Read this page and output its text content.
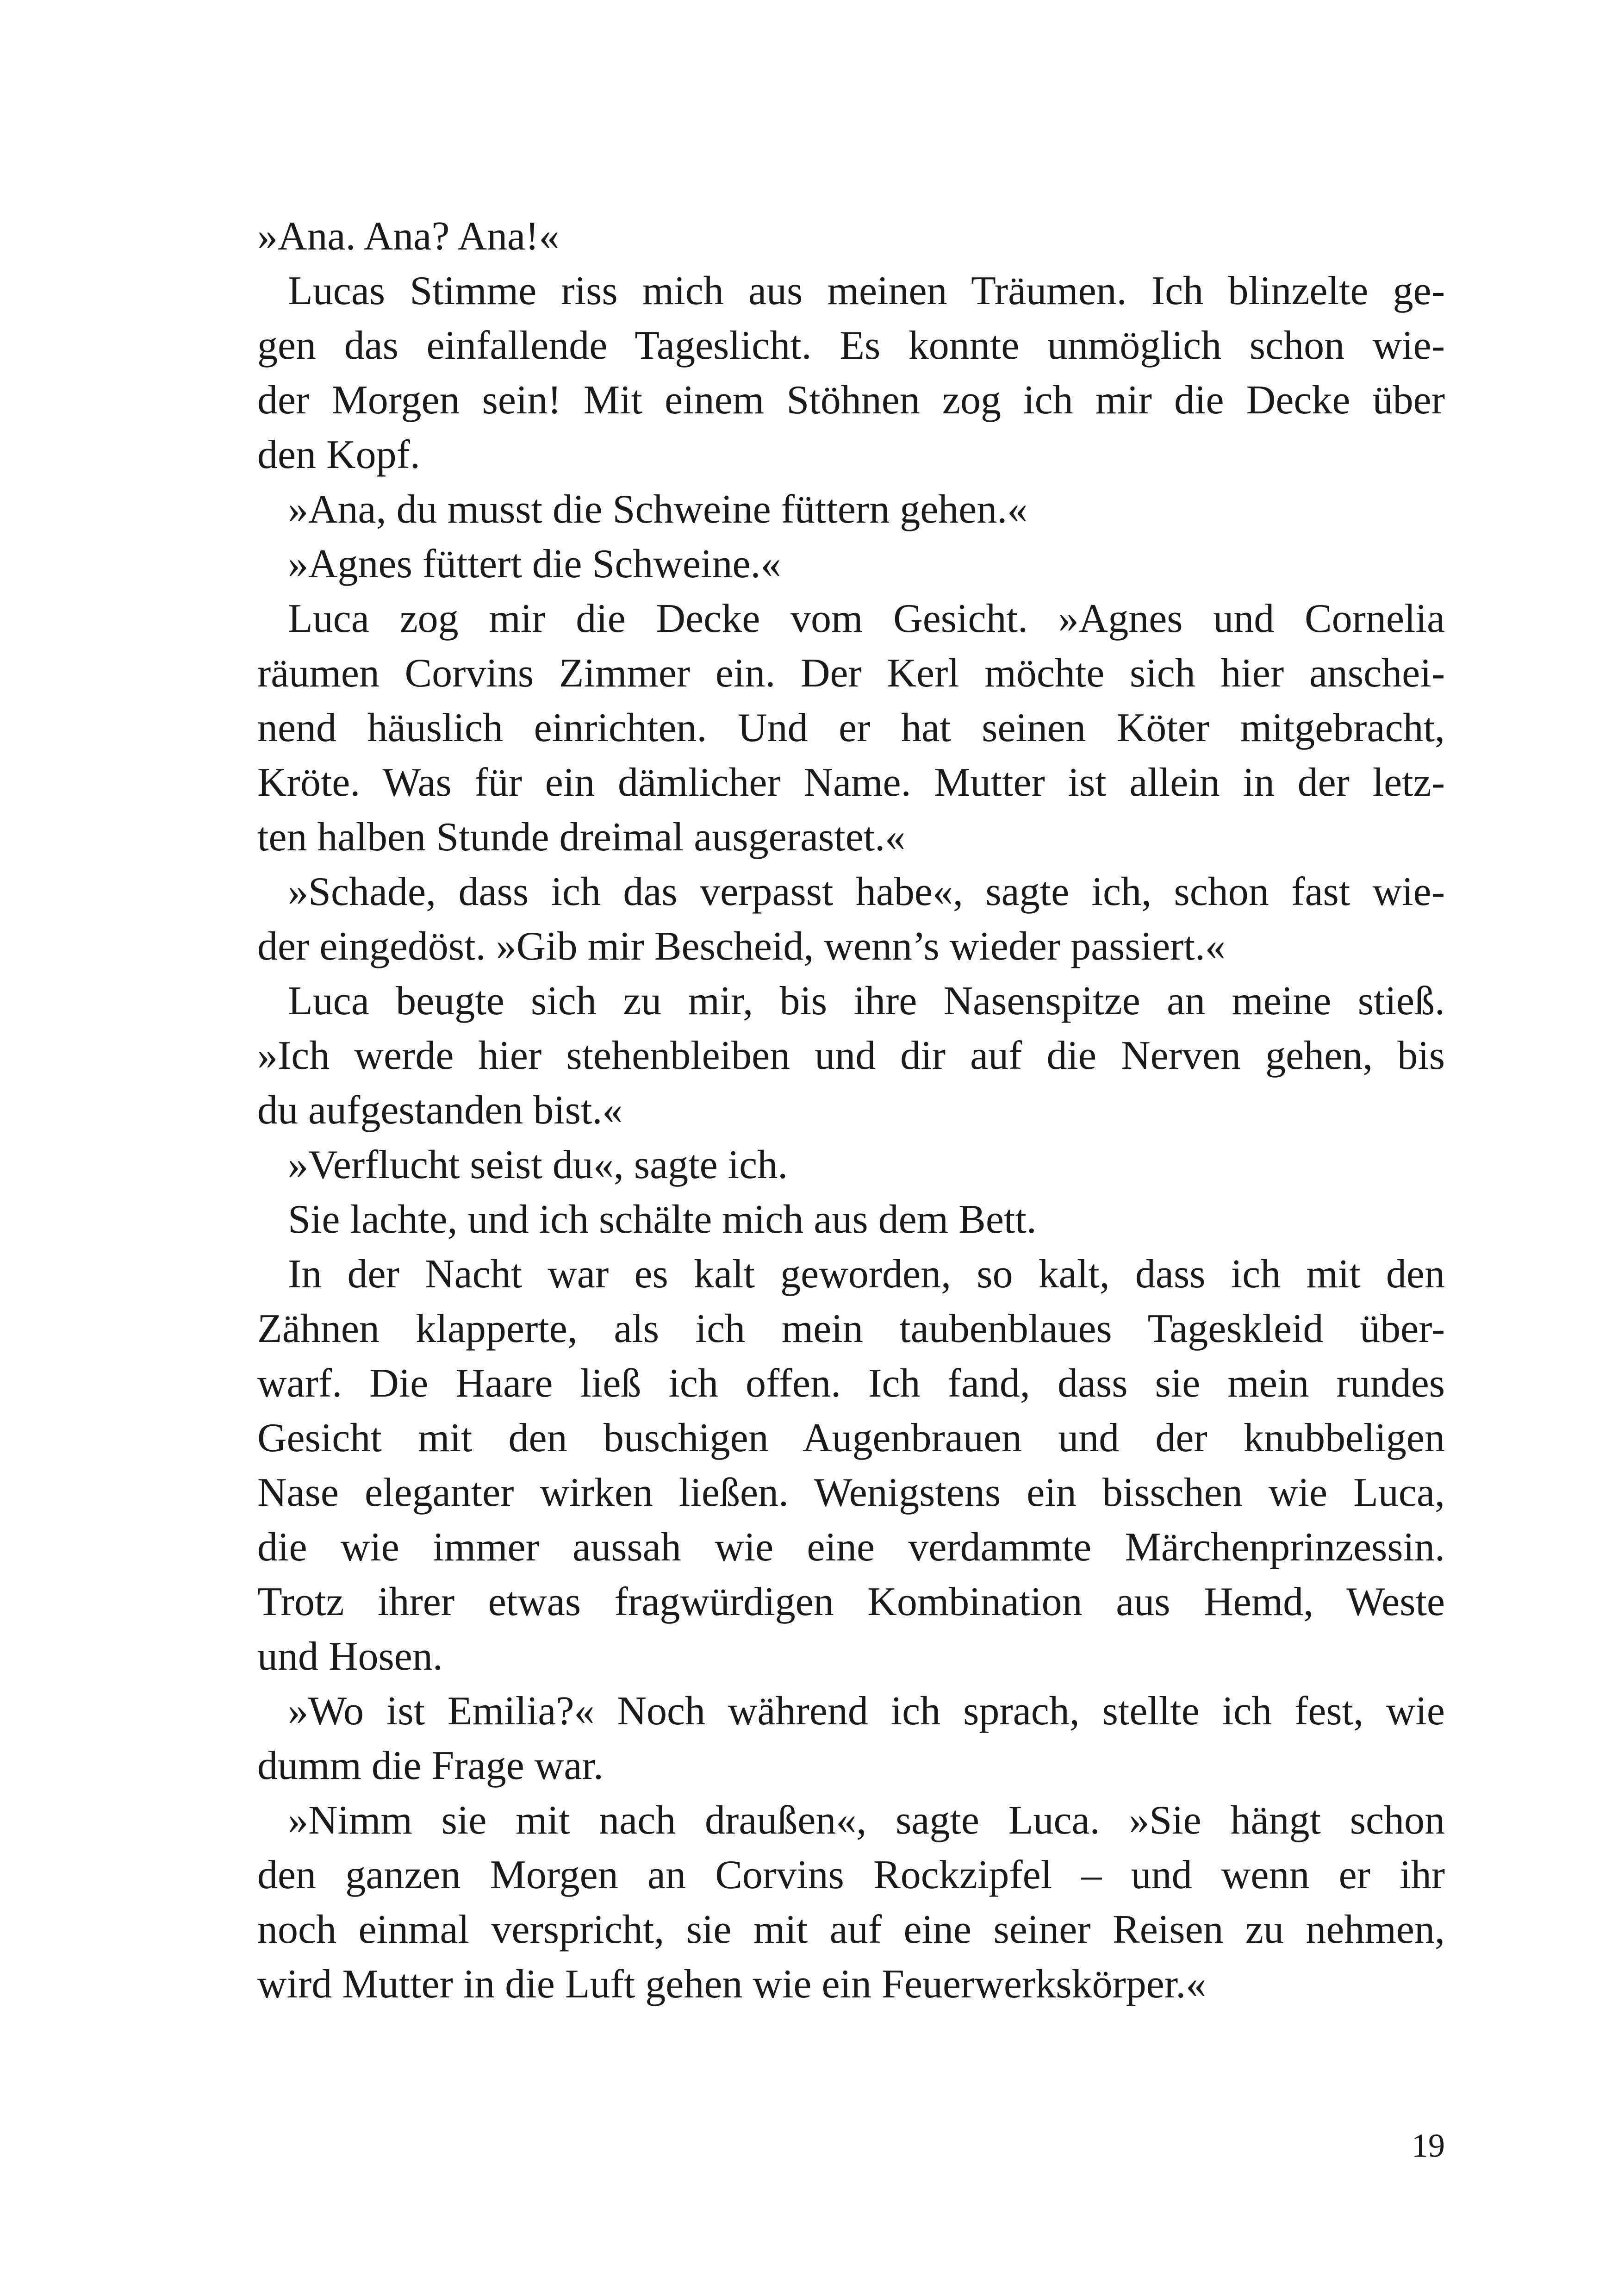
»Ana. Ana? Ana!«
Lucas Stimme riss mich aus meinen Träumen. Ich blinzelte ge-
gen das einfallende Tageslicht. Es konnte unmöglich schon wie-
der Morgen sein! Mit einem Stöhnen zog ich mir die Decke über
den Kopf.
»Ana, du musst die Schweine füttern gehen.«
»Agnes füttert die Schweine.«
Luca zog mir die Decke vom Gesicht. »Agnes und Cornelia
räumen Corvins Zimmer ein. Der Kerl möchte sich hier anschei-
nend häuslich einrichten. Und er hat seinen Köter mitgebracht,
Kröte. Was für ein dämlicher Name. Mutter ist allein in der letz-
ten halben Stunde dreimal ausgerastet.«
»Schade, dass ich das verpasst habe«, sagte ich, schon fast wie-
der eingedöst. »Gib mir Bescheid, wenn’s wieder passiert.«
Luca beugte sich zu mir, bis ihre Nasenspitze an meine stieß.
»Ich werde hier stehenbleiben und dir auf die Nerven gehen, bis
du aufgestanden bist.«
»Verflucht seist du«, sagte ich.
Sie lachte, und ich schälte mich aus dem Bett.
In der Nacht war es kalt geworden, so kalt, dass ich mit den
Zähnen klapperte, als ich mein taubenblaues Tageskleid über-
warf. Die Haare ließ ich offen. Ich fand, dass sie mein rundes
Gesicht mit den buschigen Augenbrauen und der knubbeligen
Nase eleganter wirken ließen. Wenigstens ein bisschen wie Luca,
die wie immer aussah wie eine verdammte Märchenprinzessin.
Trotz ihrer etwas fragwürdigen Kombination aus Hemd, Weste
und Hosen.
»Wo ist Emilia?« Noch während ich sprach, stellte ich fest, wie
dumm die Frage war.
»Nimm sie mit nach draußen«, sagte Luca. »Sie hängt schon
den ganzen Morgen an Corvins Rockzipfel – und wenn er ihr
noch einmal verspricht, sie mit auf eine seiner Reisen zu nehmen,
wird Mutter in die Luft gehen wie ein Feuerwerkskörper.«
19
